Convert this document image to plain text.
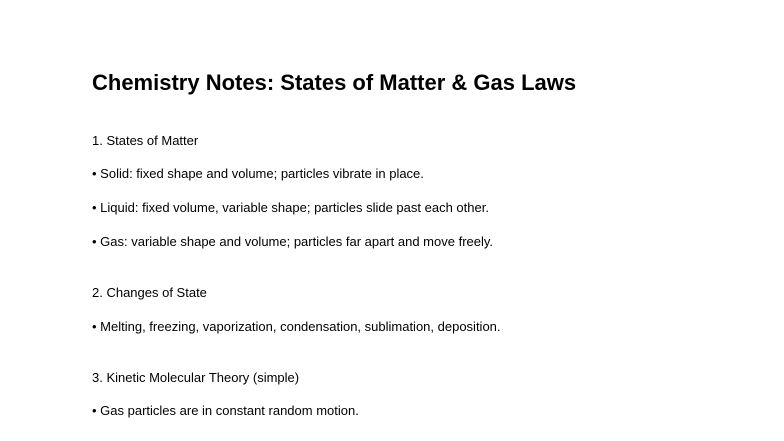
Chemistry Notes: States of Matter & Gas Laws
1. States of Matter
• Solid: fixed shape and volume; particles vibrate in place.
• Liquid: fixed volume, variable shape; particles slide past each other.
• Gas: variable shape and volume; particles far apart and move freely.
2. Changes of State
• Melting, freezing, vaporization, condensation, sublimation, deposition.
3. Kinetic Molecular Theory (simple)
• Gas particles are in constant random motion.
